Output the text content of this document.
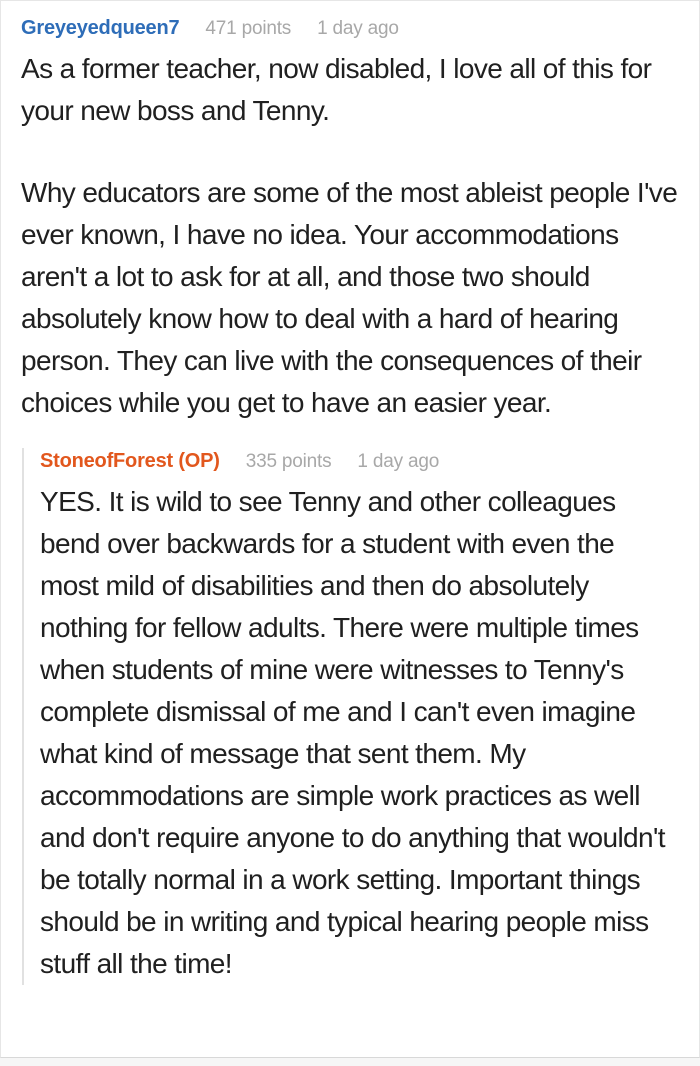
Greyeyedqueen7 471 points 1 day ago

As a former teacher, now disabled, I love all of this for your new boss and Tenny.

Why educators are some of the most ableist people I've ever known, I have no idea. Your accommodations aren't a lot to ask for at all, and those two should absolutely know how to deal with a hard of hearing person. They can live with the consequences of their choices while you get to have an easier year.

StoneofForest (OP) 335 points 1 day ago

YES. It is wild to see Tenny and other colleagues bend over backwards for a student with even the most mild of disabilities and then do absolutely nothing for fellow adults. There were multiple times when students of mine were witnesses to Tenny's complete dismissal of me and I can't even imagine what kind of message that sent them. My accommodations are simple work practices as well and don't require anyone to do anything that wouldn't be totally normal in a work setting. Important things should be in writing and typical hearing people miss stuff all the time!
